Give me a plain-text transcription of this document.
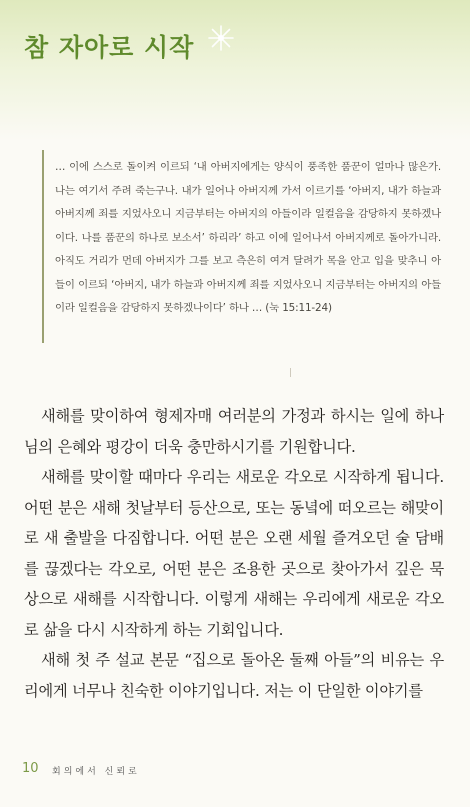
참 자아로 시작
… 이에 스스로 돌이켜 이르되 ‘내 아버지에게는 양식이 풍족한 품꾼이 얼마나 많은가. 나는 여기서 주려 죽는구나. 내가 일어나 아버지께 가서 이르기를 ‘아버지, 내가 하늘과 아버지께 죄를 지었사오니 지금부터는 아버지의 아들이라 일컬음을 감당하지 못하겠나이다. 나를 품꾼의 하나로 보소서’ 하리라’ 하고 이에 일어나서 아버지께로 돌아가니라. 아직도 거리가 먼데 아버지가 그를 보고 측은히 여겨 달려가 목을 안고 입을 맞추니 아들이 이르되 ‘아버지, 내가 하늘과 아버지께 죄를 지었사오니 지금부터는 아버지의 아들이라 일컬음을 감당하지 못하겠나이다’ 하나 … (눅 15:11-24)

새해를 맞이하여 형제자매 여러분의 가정과 하시는 일에 하나님의 은혜와 평강이 더욱 충만하시기를 기원합니다.

새해를 맞이할 때마다 우리는 새로운 각오로 시작하게 됩니다. 어떤 분은 새해 첫날부터 등산으로, 또는 동녘에 떠오르는 해맞이로 새 출발을 다짐합니다. 어떤 분은 오랜 세월 즐겨오던 술 담배를 끊겠다는 각오로, 어떤 분은 조용한 곳으로 찾아가서 깊은 묵상으로 새해를 시작합니다. 이렇게 새해는 우리에게 새로운 각오로 삶을 다시 시작하게 하는 기회입니다.

새해 첫 주 설교 본문 “집으로 돌아온 둘째 아들”의 비유는 우리에게 너무나 친숙한 이야기입니다. 저는 이 단일한 이야기를

10 회의에서 신뢰로
